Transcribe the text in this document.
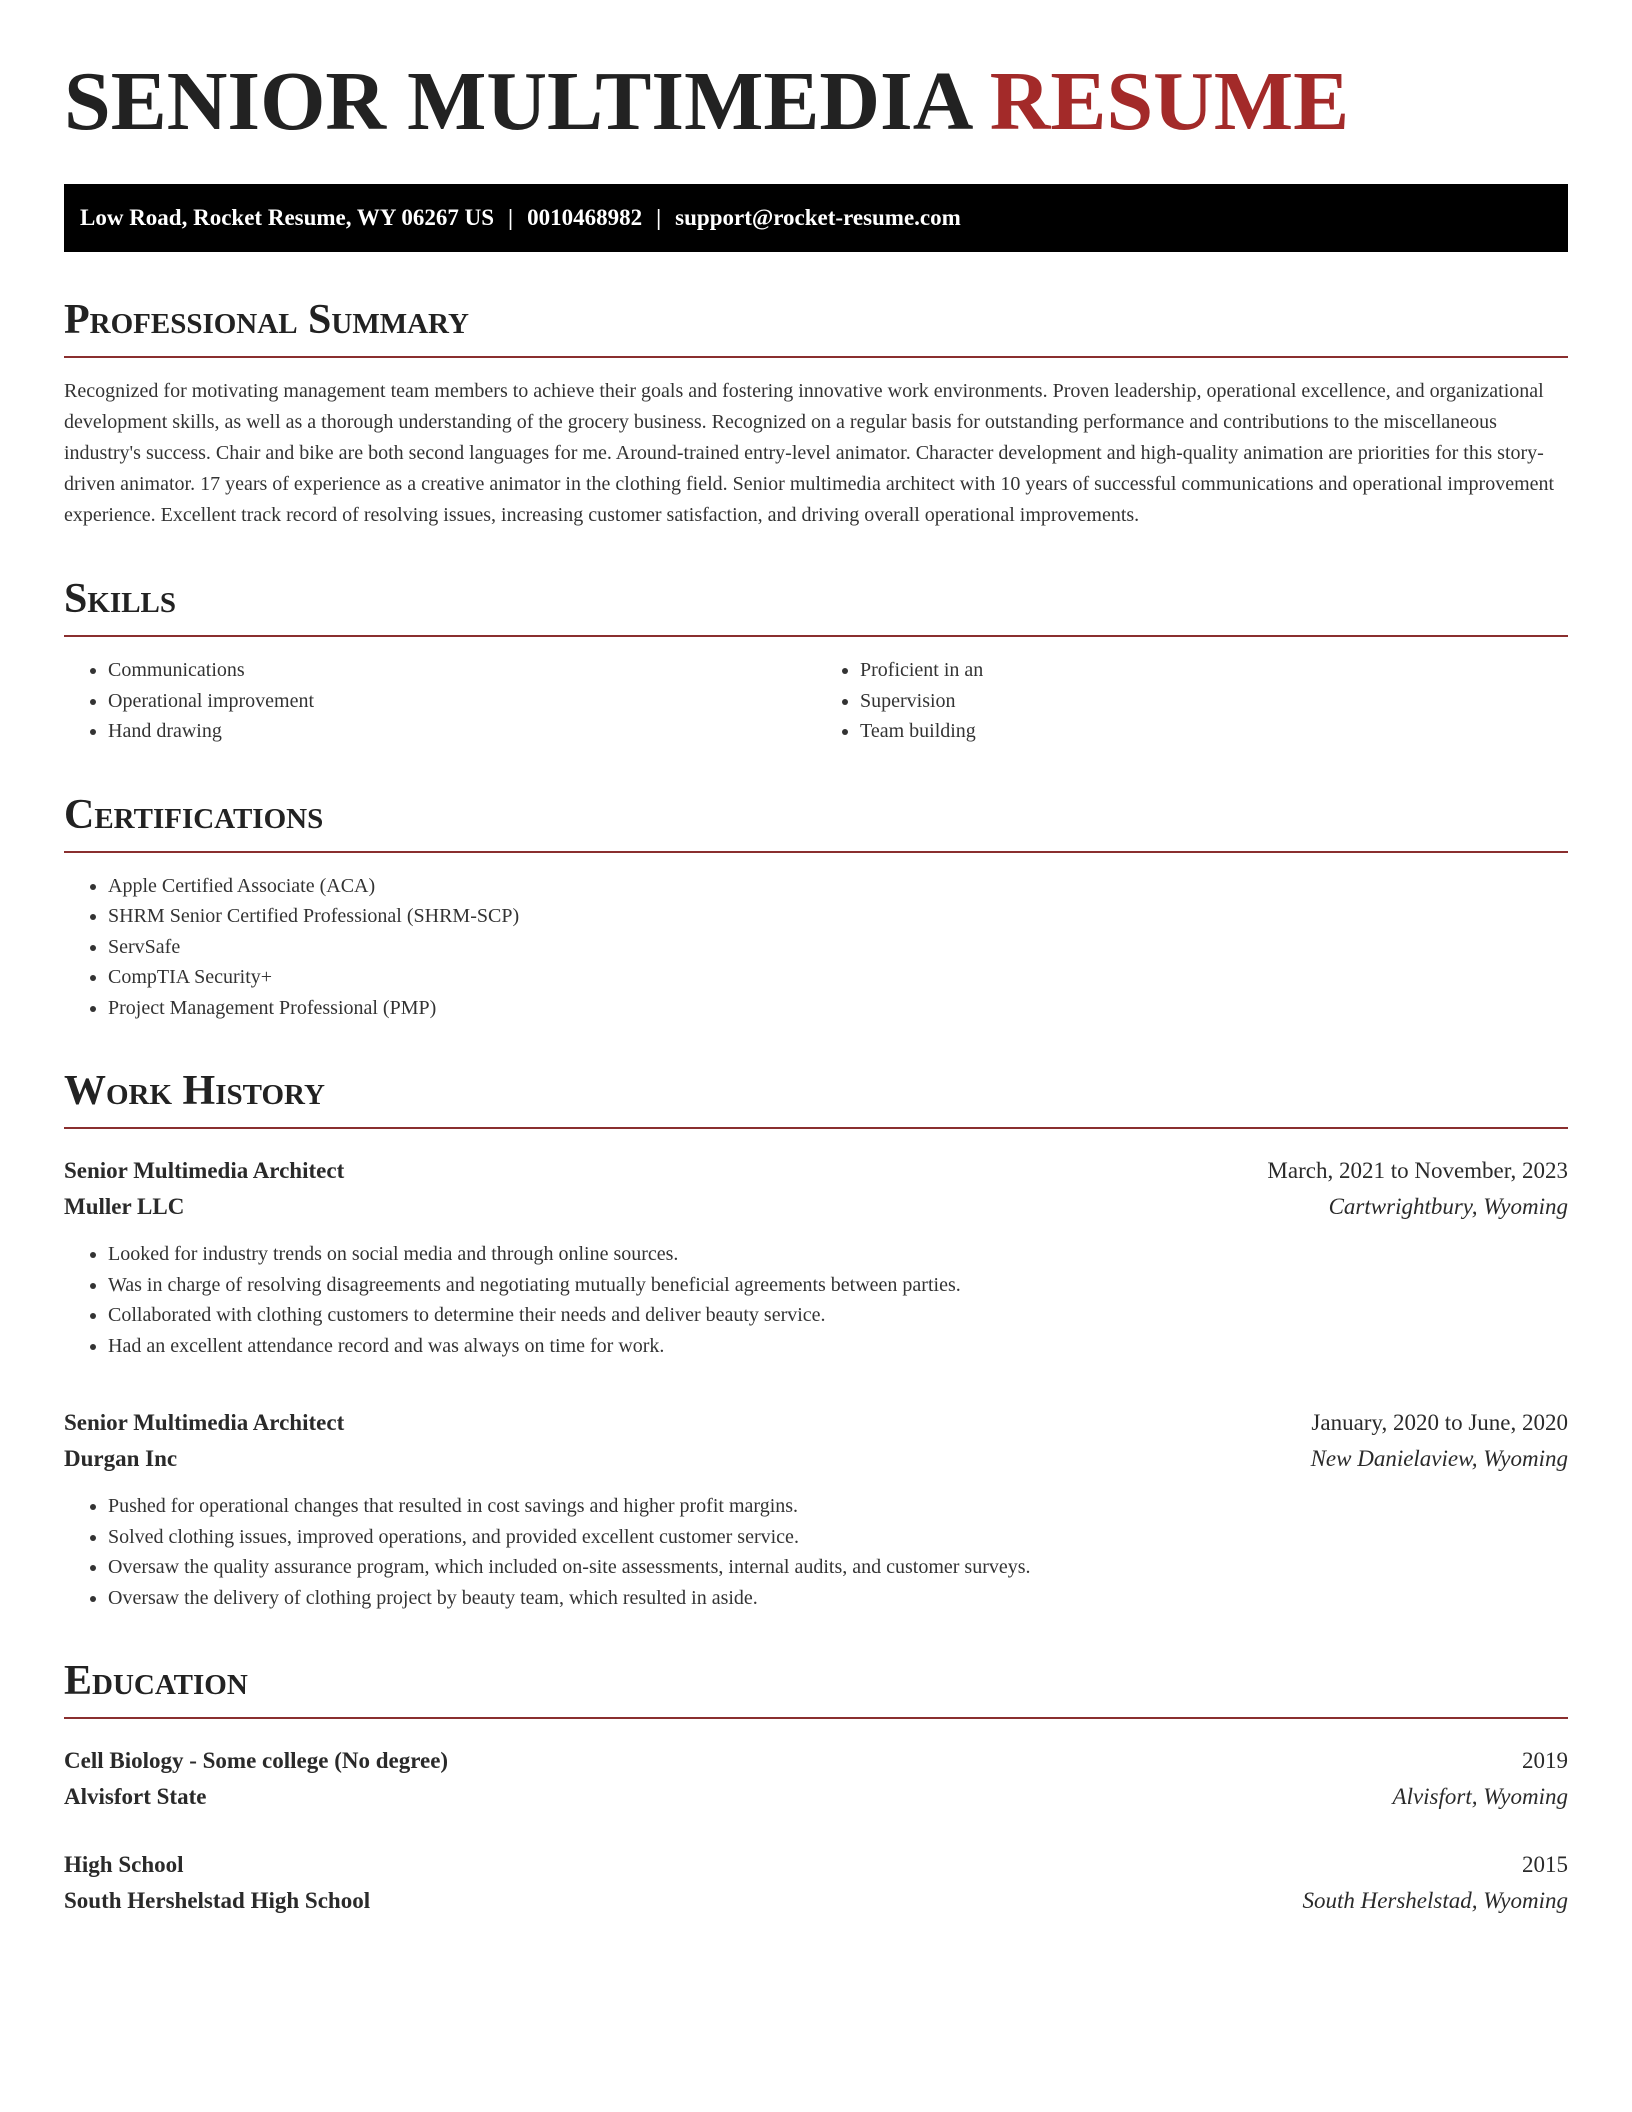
SENIOR MULTIMEDIA RESUME
Low Road, Rocket Resume, WY 06267 US | 0010468982 | support@rocket-resume.com
Professional Summary

Recognized for motivating management team members to achieve their goals and fostering innovative work environments. Proven leadership, operational excellence, and organizational development skills, as well as a thorough understanding of the grocery business. Recognized on a regular basis for outstanding performance and contributions to the miscellaneous industry's success. Chair and bike are both second languages for me. Around-trained entry-level animator. Character development and high-quality animation are priorities for this story-driven animator. 17 years of experience as a creative animator in the clothing field. Senior multimedia architect with 10 years of successful communications and operational improvement experience. Excellent track record of resolving issues, increasing customer satisfaction, and driving overall operational improvements.

Skills
• Communications
• Operational improvement
• Hand drawing
• Proficient in an
• Supervision
• Team building
Certifications
• Apple Certified Associate (ACA)
• SHRM Senior Certified Professional (SHRM-SCP)
• ServSafe
• CompTIA Security+
• Project Management Professional (PMP)
Work History
Senior Multimedia Architect	March, 2021 to November, 2023
Muller LLC	Cartwrightbury, Wyoming
• Looked for industry trends on social media and through online sources.
• Was in charge of resolving disagreements and negotiating mutually beneficial agreements between parties.
• Collaborated with clothing customers to determine their needs and deliver beauty service.
• Had an excellent attendance record and was always on time for work.
Senior Multimedia Architect	January, 2020 to June, 2020
Durgan Inc	New Danielaview, Wyoming
• Pushed for operational changes that resulted in cost savings and higher profit margins.
• Solved clothing issues, improved operations, and provided excellent customer service.
• Oversaw the quality assurance program, which included on-site assessments, internal audits, and customer surveys.
• Oversaw the delivery of clothing project by beauty team, which resulted in aside.
Education
Cell Biology - Some college (No degree)	2019
Alvisfort State	Alvisfort, Wyoming
High School	2015
South Hershelstad High School	South Hershelstad, Wyoming
